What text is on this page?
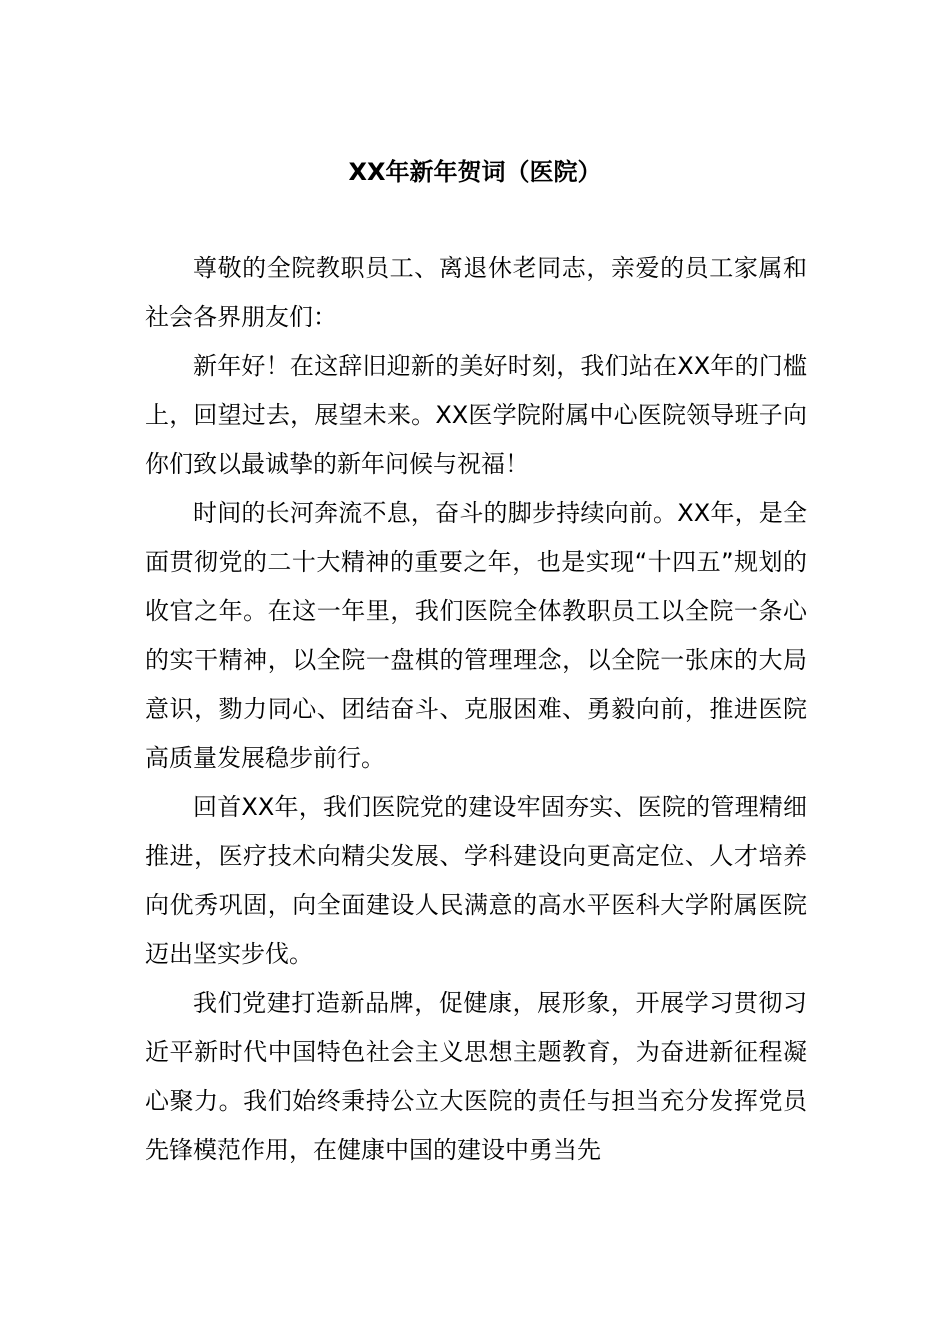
XX年新年贺词（医院）

尊敬的全院教职员工、离退休老同志，亲爱的员工家属和社会各界朋友们：

新年好！在这辞旧迎新的美好时刻，我们站在XX年的门槛上，回望过去，展望未来。XX医学院附属中心医院领导班子向你们致以最诚挚的新年问候与祝福！

时间的长河奔流不息，奋斗的脚步持续向前。XX年，是全面贯彻党的二十大精神的重要之年，也是实现“十四五”规划的收官之年。在这一年里，我们医院全体教职员工以全院一条心的实干精神，以全院一盘棋的管理理念，以全院一张床的大局意识，勠力同心、团结奋斗、克服困难、勇毅向前，推进医院高质量发展稳步前行。

回首XX年，我们医院党的建设牢固夯实、医院的管理精细推进，医疗技术向精尖发展、学科建设向更高定位、人才培养向优秀巩固，向全面建设人民满意的高水平医科大学附属医院迈出坚实步伐。

我们党建打造新品牌，促健康，展形象，开展学习贯彻习近平新时代中国特色社会主义思想主题教育，为奋进新征程凝心聚力。我们始终秉持公立大医院的责任与担当充分发挥党员先锋模范作用，在健康中国的建设中勇当先
